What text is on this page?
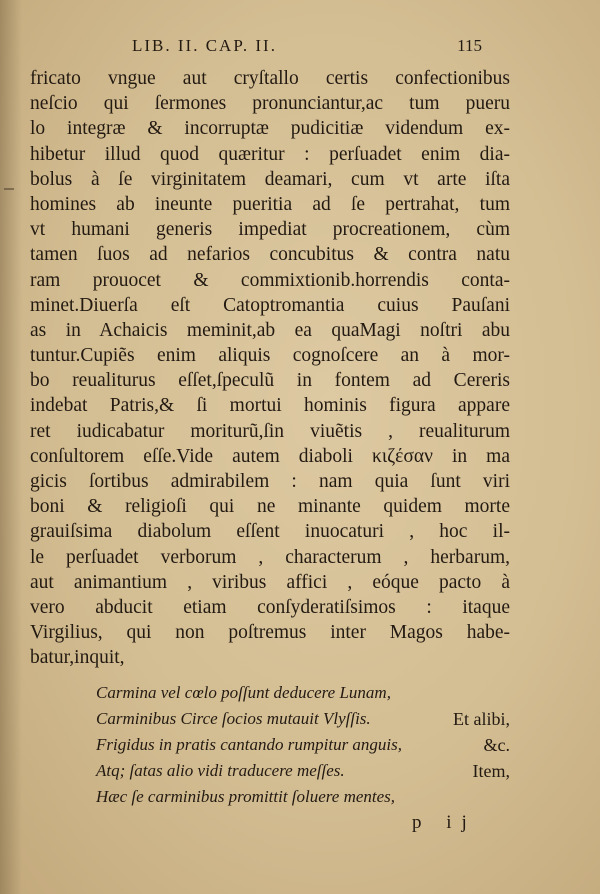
LIB. II. CAP. II.	115
fricato vngue aut cryſtallo certis confectionibus
neſcio qui ſermones pronunciantur,ac tum pueru
lo integræ & incorruptæ pudicitiæ videndum ex-
hibetur illud quod quæritur : perſuadet enim dia-
bolus à ſe virginitatem deamari, cum vt arte iſta
homines ab ineunte pueritia ad ſe pertrahat, tum
vt humani generis impediat procreationem, cùm
tamen ſuos ad nefarios concubitus & contra natu
ram prouocet & commixtionib.horrendis conta-
minet.Diuerſa eſt Catoptromantia cuius Pauſani
as in Achaicis meminit,ab ea quaMagi noſtri abu
tuntur.Cupiẽs enim aliquis cognoſcere an à mor-
bo reualiturus eſſet,ſpeculũ in fontem ad Cereris
indebat Patris,& ſi mortui hominis figura appare
ret iudicabatur moriturũ,ſin viuẽtis , reualiturum
conſultorem eſſe.Vide autem diaboli κιζέσαν in ma
gicis ſortibus admirabilem : nam quia ſunt viri
boni & religioſi qui ne minante quidem morte
grauiſsima diabolum eſſent inuocaturi , hoc il-
le perſuadet verborum , characterum , herbarum,
aut animantium , viribus affici , eóque pacto à
vero abducit etiam conſyderatiſsimos : itaque
Virgilius, qui non poſtremus inter Magos habe-
batur,inquit,
Carmina vel cœlo poſſunt deducere Lunam,
Carminibus Circe ſocios mutauit Vlyſſis.	Et alibi,
Frigidus in pratis cantando rumpitur anguis,	&c.
Atq; ſatas alio vidi traducere meſſes.	Item,
Hæc ſe carminibus promittit ſoluere mentes,
p ij
